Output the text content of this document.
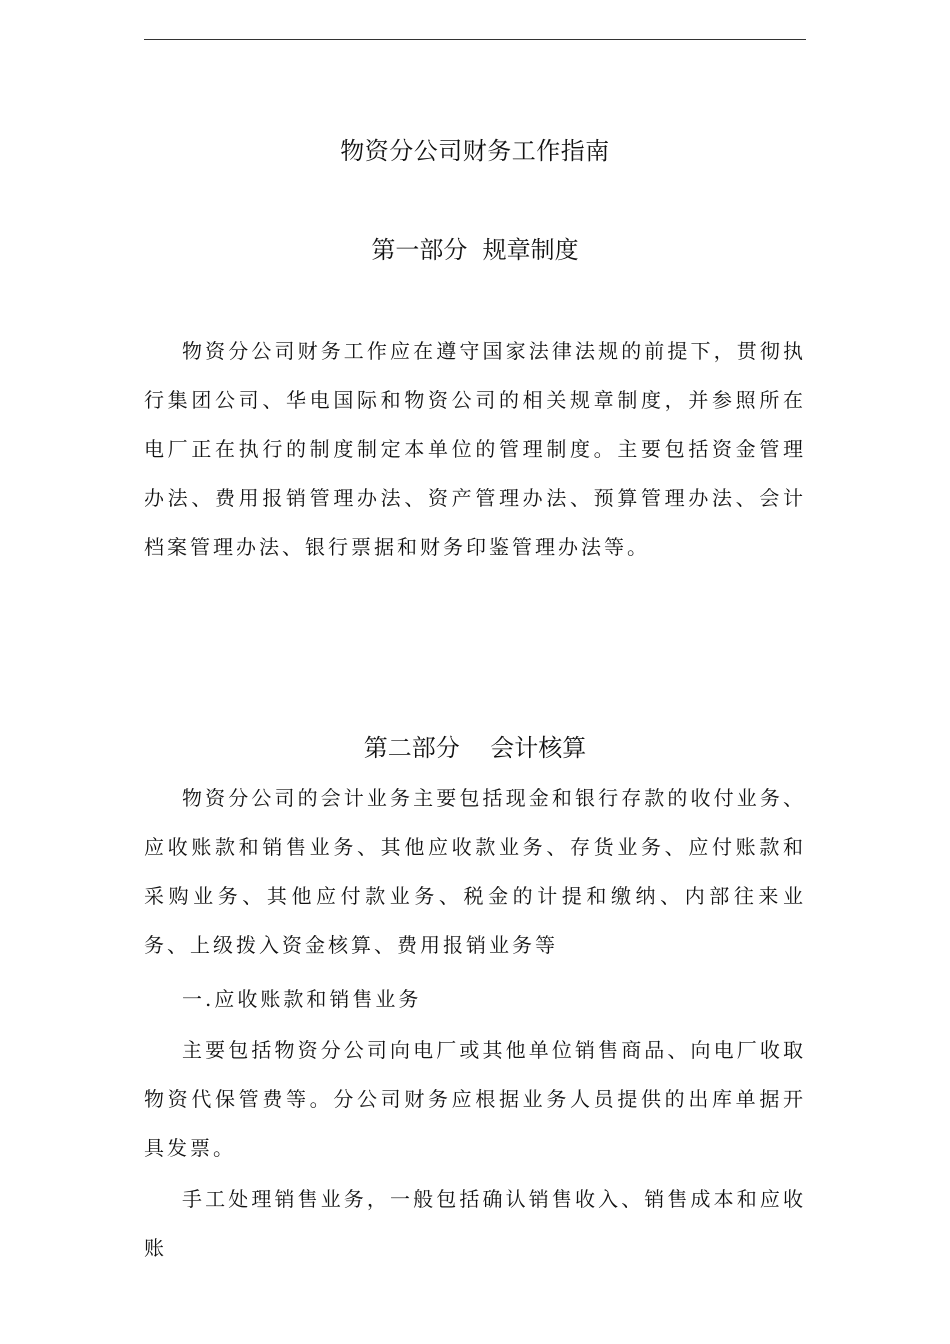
物资分公司财务工作指南
第一部分  规章制度

物资分公司财务工作应在遵守国家法律法规的前提下，贯彻执行集团公司、华电国际和物资公司的相关规章制度，并参照所在电厂正在执行的制度制定本单位的管理制度。主要包括资金管理办法、费用报销管理办法、资产管理办法、预算管理办法、会计档案管理办法、银行票据和财务印鉴管理办法等。

第二部分    会计核算

物资分公司的会计业务主要包括现金和银行存款的收付业务、应收账款和销售业务、其他应收款业务、存货业务、应付账款和采购业务、其他应付款业务、税金的计提和缴纳、内部往来业务、上级拨入资金核算、费用报销业务等

一.应收账款和销售业务

主要包括物资分公司向电厂或其他单位销售商品、向电厂收取物资代保管费等。分公司财务应根据业务人员提供的出库单据开具发票。

手工处理销售业务，一般包括确认销售收入、销售成本和应收账
